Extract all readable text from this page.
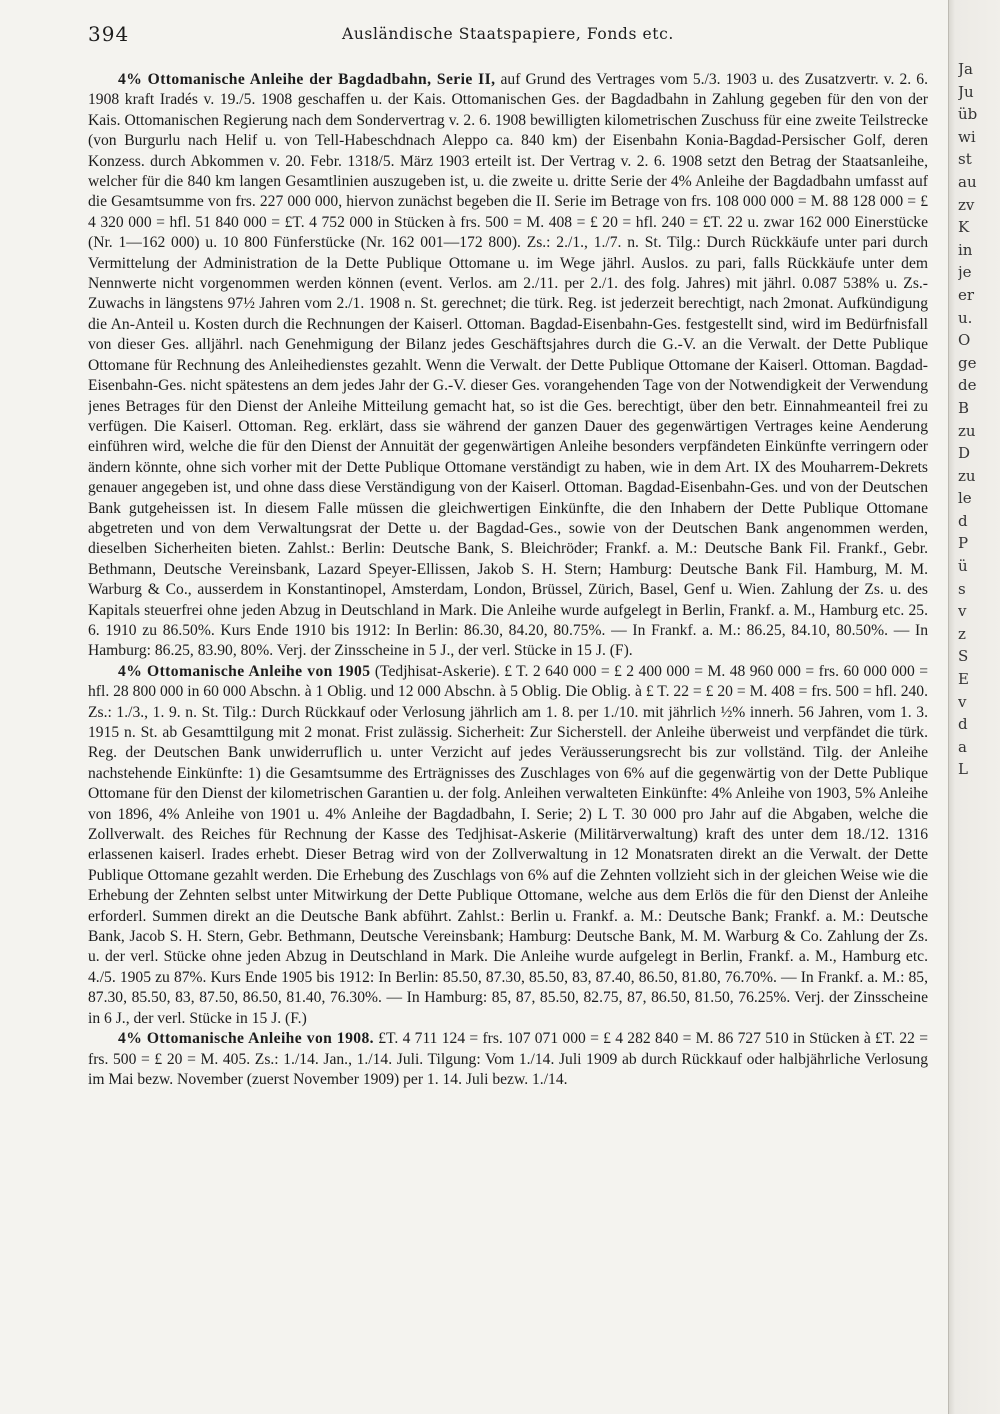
394	Ausländische Staatspapiere, Fonds etc.

4% Ottomanische Anleihe der Bagdadbahn, Serie II, auf Grund des Vertrages vom 5./3. 1903 u. des Zusatzvertr. v. 2. 6. 1908 kraft Iradés v. 19./5. 1908 geschaffen u. der Kais. Ottomanischen Ges. der Bagdadbahn in Zahlung gegeben für den von der Kais. Ottomanischen Regierung nach dem Sondervertrag v. 2. 6. 1908 bewilligten kilometrischen Zuschuss für eine zweite Teilstrecke (von Burgurlu nach Helif u. von Tell-Habeschdnach Aleppo ca. 840 km) der Eisenbahn Konia-Bagdad-Persischer Golf, deren Konzess. durch Abkommen v. 20. Febr. 1318/5. März 1903 erteilt ist. Der Vertrag v. 2. 6. 1908 setzt den Betrag der Staatsanleihe, welcher für die 840 km langen Gesamtlinien auszugeben ist, u. die zweite u. dritte Serie der 4% Anleihe der Bagdadbahn umfasst auf die Gesamtsumme von frs. 227 000 000, hiervon zunächst begeben die II. Serie im Betrage von frs. 108 000 000 = M. 88 128 000 = £ 4 320 000 = hfl. 51 840 000 = £T. 4 752 000 in Stücken à frs. 500 = M. 408 = £ 20 = hfl. 240 = £T. 22 u. zwar 162 000 Einerstücke (Nr. 1—162 000) u. 10 800 Fünferstücke (Nr. 162 001—172 800). Zs.: 2./1., 1./7. n. St. Tilg.: Durch Rückkäufe unter pari durch Vermittelung der Administration de la Dette Publique Ottomane u. im Wege jährl. Auslos. zu pari, falls Rückkäufe unter dem Nennwerte nicht vorgenommen werden können (event. Verlos. am 2./11. per 2./1. des folg. Jahres) mit jährl. 0.087 538% u. Zs.-Zuwachs in längstens 97½ Jahren vom 2./1. 1908 n. St. gerechnet; die türk. Reg. ist jederzeit berechtigt, nach 2monat. Aufkündigung die An-Anteil u. Kosten durch die Rechnungen der Kaiserl. Ottoman. Bagdad-Eisenbahn-Ges. festgestellt sind, wird im Bedürfnisfall von dieser Ges. alljährl. nach Genehmigung der Bilanz jedes Geschäftsjahres durch die G.-V. an die Verwalt. der Dette Publique Ottomane für Rechnung des Anleihedienstes gezahlt. Wenn die Verwalt. der Dette Publique Ottomane der Kaiserl. Ottoman. Bagdad-Eisenbahn-Ges. nicht spätestens an dem jedes Jahr der G.-V. dieser Ges. vorangehenden Tage von der Notwendigkeit der Verwendung jenes Betrages für den Dienst der Anleihe Mitteilung gemacht hat, so ist die Ges. berechtigt, über den betr. Einnahmeanteil frei zu verfügen. Die Kaiserl. Ottoman. Reg. erklärt, dass sie während der ganzen Dauer des gegenwärtigen Vertrages keine Aenderung einführen wird, welche die für den Dienst der Annuität der gegenwärtigen Anleihe besonders verpfändeten Einkünfte verringern oder ändern könnte, ohne sich vorher mit der Dette Publique Ottomane verständigt zu haben, wie in dem Art. IX des Mouharrem-Dekrets genauer angegeben ist, und ohne dass diese Verständigung von der Kaiserl. Ottoman. Bagdad-Eisenbahn-Ges. und von der Deutschen Bank gutgeheissen ist. In diesem Falle müssen die gleichwertigen Einkünfte, die den Inhabern der Dette Publique Ottomane abgetreten und von dem Verwaltungsrat der Dette u. der Bagdad-Ges., sowie von der Deutschen Bank angenommen werden, dieselben Sicherheiten bieten. Zahlst.: Berlin: Deutsche Bank, S. Bleichröder; Frankf. a. M.: Deutsche Bank Fil. Frankf., Gebr. Bethmann, Deutsche Vereinsbank, Lazard Speyer-Ellissen, Jakob S. H. Stern; Hamburg: Deutsche Bank Fil. Hamburg, M. M. Warburg & Co., ausserdem in Konstantinopel, Amsterdam, London, Brüssel, Zürich, Basel, Genf u. Wien. Zahlung der Zs. u. des Kapitals steuerfrei ohne jeden Abzug in Deutschland in Mark. Die Anleihe wurde aufgelegt in Berlin, Frankf. a. M., Hamburg etc. 25. 6. 1910 zu 86.50%. Kurs Ende 1910 bis 1912: In Berlin: 86.30, 84.20, 80.75%. — In Frankf. a. M.: 86.25, 84.10, 80.50%. — In Hamburg: 86.25, 83.90, 80%. Verj. der Zinsscheine in 5 J., der verl. Stücke in 15 J. (F).

4% Ottomanische Anleihe von 1905 (Tedjhisat-Askerie). £ T. 2 640 000 = £ 2 400 000 = M. 48 960 000 = frs. 60 000 000 = hfl. 28 800 000 in 60 000 Abschn. à 1 Oblig. und 12 000 Abschn. à 5 Oblig. Die Oblig. à £ T. 22 = £ 20 = M. 408 = frs. 500 = hfl. 240. Zs.: 1./3., 1. 9. n. St. Tilg.: Durch Rückkauf oder Verlosung jährlich am 1. 8. per 1./10. mit jährlich ½% innerh. 56 Jahren, vom 1. 3. 1915 n. St. ab Gesamttilgung mit 2 monat. Frist zulässig. Sicherheit: Zur Sicherstell. der Anleihe überweist und verpfändet die türk. Reg. der Deutschen Bank unwiderruflich u. unter Verzicht auf jedes Veräusserungsrecht bis zur vollständ. Tilg. der Anleihe nachstehende Einkünfte: 1) die Gesamtsumme des Erträgnisses des Zuschlages von 6% auf die gegenwärtig von der Dette Publique Ottomane für den Dienst der kilometrischen Garantien u. der folg. Anleihen verwalteten Einkünfte: 4% Anleihe von 1903, 5% Anleihe von 1896, 4% Anleihe von 1901 u. 4% Anleihe der Bagdadbahn, I. Serie; 2) L T. 30 000 pro Jahr auf die Abgaben, welche die Zollverwalt. des Reiches für Rechnung der Kasse des Tedjhisat-Askerie (Militärverwaltung) kraft des unter dem 18./12. 1316 erlassenen kaiserl. Irades erhebt. Dieser Betrag wird von der Zollverwaltung in 12 Monatsraten direkt an die Verwalt. der Dette Publique Ottomane gezahlt werden. Die Erhebung des Zuschlags von 6% auf die Zehnten vollzieht sich in der gleichen Weise wie die Erhebung der Zehnten selbst unter Mitwirkung der Dette Publique Ottomane, welche aus dem Erlös die für den Dienst der Anleihe erforderl. Summen direkt an die Deutsche Bank abführt. Zahlst.: Berlin u. Frankf. a. M.: Deutsche Bank; Frankf. a. M.: Deutsche Bank, Jacob S. H. Stern, Gebr. Bethmann, Deutsche Vereinsbank; Hamburg: Deutsche Bank, M. M. Warburg & Co. Zahlung der Zs. u. der verl. Stücke ohne jeden Abzug in Deutschland in Mark. Die Anleihe wurde aufgelegt in Berlin, Frankf. a. M., Hamburg etc. 4./5. 1905 zu 87%. Kurs Ende 1905 bis 1912: In Berlin: 85.50, 87.30, 85.50, 83, 87.40, 86.50, 81.80, 76.70%. — In Frankf. a. M.: 85, 87.30, 85.50, 83, 87.50, 86.50, 81.40, 76.30%. — In Hamburg: 85, 87, 85.50, 82.75, 87, 86.50, 81.50, 76.25%. Verj. der Zinsscheine in 6 J., der verl. Stücke in 15 J. (F.)

4% Ottomanische Anleihe von 1908. £T. 4 711 124 = frs. 107 071 000 = £ 4 282 840 = M. 86 727 510 in Stücken à £T. 22 = frs. 500 = £ 20 = M. 405. Zs.: 1./14. Jan., 1./14. Juli. Tilgung: Vom 1./14. Juli 1909 ab durch Rückkauf oder halbjährliche Verlosung im Mai bezw. November (zuerst November 1909) per 1. 14. Juli bezw. 1./14.

Ja
Ju
üb
wi
st
au
zv
K
in
je
er
u.
O
ge
de
B
zu
D
zu
le
d
P
ü
s
v
z
S
E
v
d
a
L
